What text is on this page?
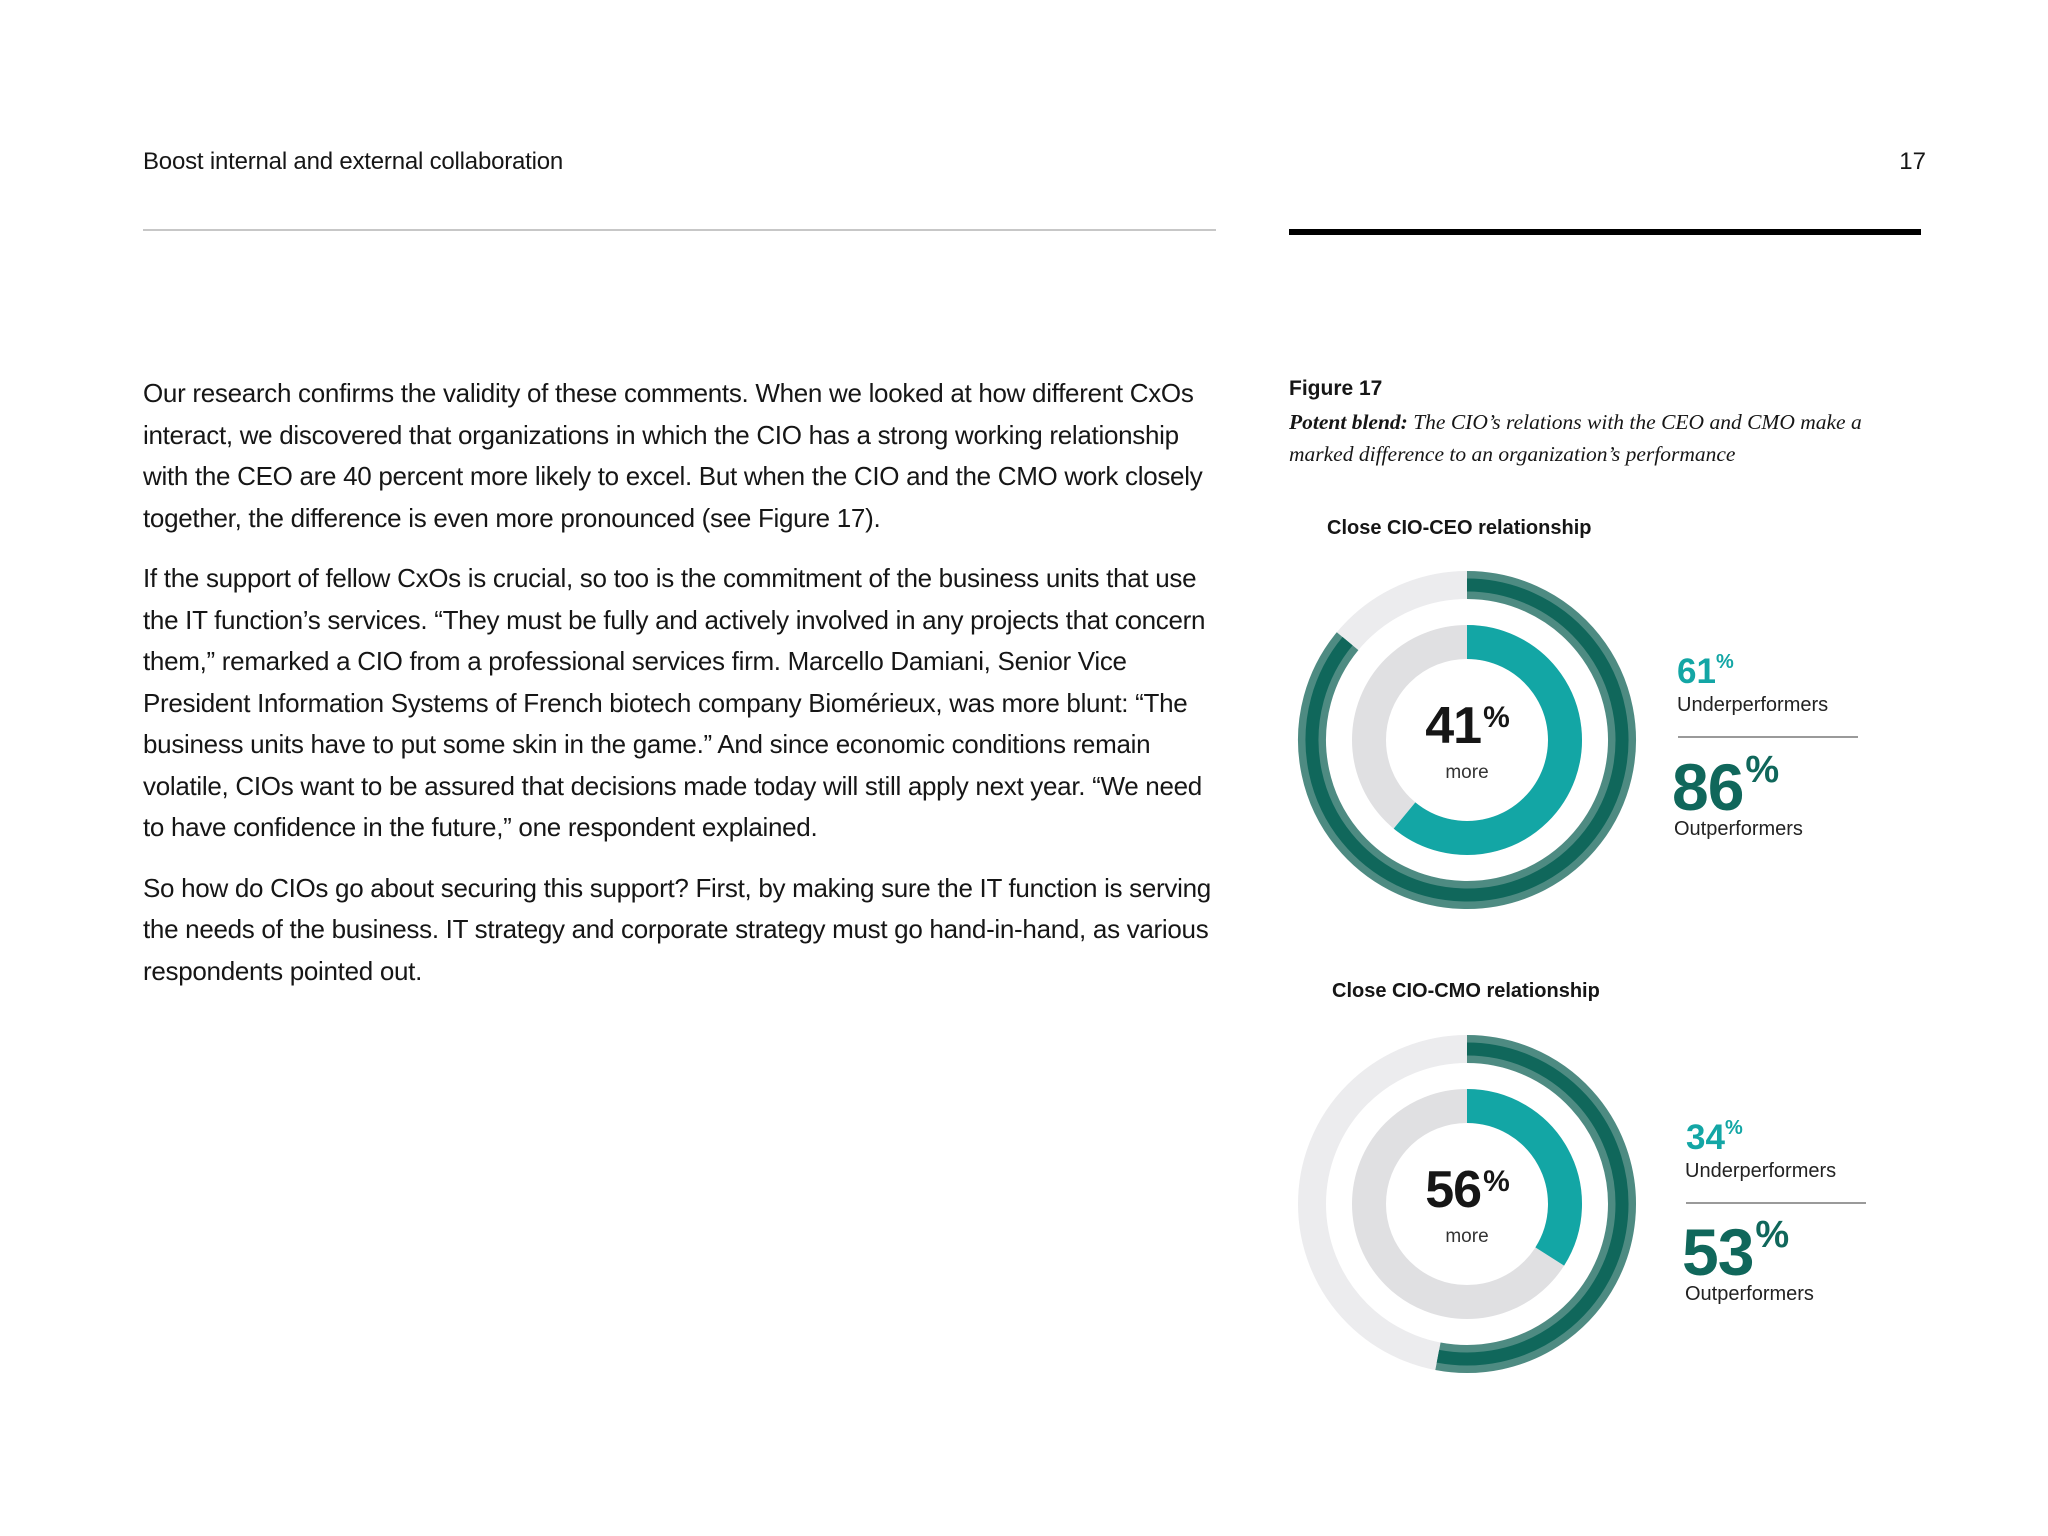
Boost internal and external collaboration	17

Our research confirms the validity of these comments. When we looked at how different CxOs interact, we discovered that organizations in which the CIO has a strong working relationship with the CEO are 40 percent more likely to excel. But when the CIO and the CMO work closely together, the difference is even more pronounced (see Figure 17).

If the support of fellow CxOs is crucial, so too is the commitment of the business units that use the IT function’s services. “They must be fully and actively involved in any projects that concern them,” remarked a CIO from a professional services firm. Marcello Damiani, Senior Vice President Information Systems of French biotech company Biomérieux, was more blunt: “The business units have to put some skin in the game.” And since economic conditions remain volatile, CIOs want to be assured that decisions made today will still apply next year. “We need to have confidence in the future,” one respondent explained.

So how do CIOs go about securing this support? First, by making sure the IT function is serving the needs of the business. IT strategy and corporate strategy must go hand-in-hand, as various respondents pointed out.

Figure 17
Potent blend: The CIO’s relations with the CEO and CMO make a marked difference to an organization’s performance
Close CIO-CEO relationship
41%
more
61%
Underperformers
86%
Outperformers
Close CIO-CMO relationship
56%
more
34%
Underperformers
53%
Outperformers
